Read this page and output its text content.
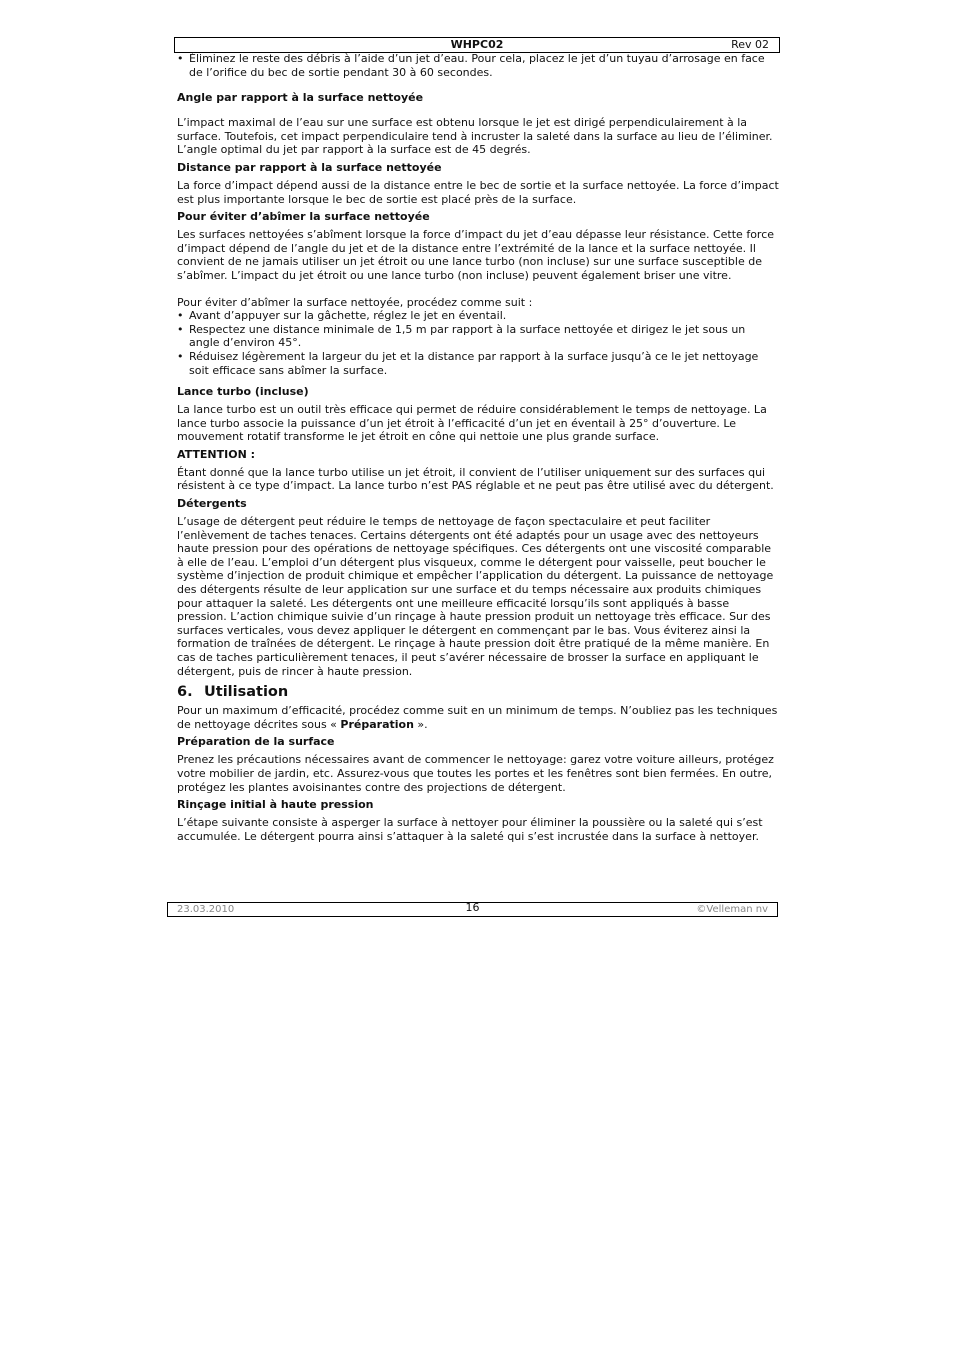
WHPC02	Rev 02
• Éliminez le reste des débris à l’aide d’un jet d’eau. Pour cela, placez le jet d’un tuyau d’arrosage en face de l’orifice du bec de sortie pendant 30 à 60 secondes.
Angle par rapport à la surface nettoyée

L’impact maximal de l’eau sur une surface est obtenu lorsque le jet est dirigé perpendiculairement à la surface. Toutefois, cet impact perpendiculaire tend à incruster la saleté dans la surface au lieu de l’éliminer. L’angle optimal du jet par rapport à la surface est de 45 degrés.

Distance par rapport à la surface nettoyée

La force d’impact dépend aussi de la distance entre le bec de sortie et la surface nettoyée. La force d’impact est plus importante lorsque le bec de sortie est placé près de la surface.

Pour éviter d’abîmer la surface nettoyée

Les surfaces nettoyées s’abîment lorsque la force d’impact du jet d’eau dépasse leur résistance. Cette force d’impact dépend de l’angle du jet et de la distance entre l’extrémité de la lance et la surface nettoyée. Il convient de ne jamais utiliser un jet étroit ou une lance turbo (non incluse) sur une surface susceptible de s’abîmer. L’impact du jet étroit ou une lance turbo (non incluse) peuvent également briser une vitre.

Pour éviter d’abîmer la surface nettoyée, procédez comme suit :

• Avant d’appuyer sur la gâchette, réglez le jet en éventail.
• Respectez une distance minimale de 1,5 m par rapport à la surface nettoyée et dirigez le jet sous un angle d’environ 45°.
• Réduisez légèrement la largeur du jet et la distance par rapport à la surface jusqu’à ce le jet nettoyage soit efficace sans abîmer la surface.
Lance turbo (incluse)

La lance turbo est un outil très efficace qui permet de réduire considérablement le temps de nettoyage. La lance turbo associe la puissance d’un jet étroit à l’efficacité d’un jet en éventail à 25° d’ouverture. Le mouvement rotatif transforme le jet étroit en cône qui nettoie une plus grande surface.

ATTENTION :

Étant donné que la lance turbo utilise un jet étroit, il convient de l’utiliser uniquement sur des surfaces qui résistent à ce type d’impact. La lance turbo n’est PAS réglable et ne peut pas être utilisé avec du détergent.

Détergents

L’usage de détergent peut réduire le temps de nettoyage de façon spectaculaire et peut faciliter l’enlèvement de taches tenaces. Certains détergents ont été adaptés pour un usage avec des nettoyeurs haute pression pour des opérations de nettoyage spécifiques. Ces détergents ont une viscosité comparable à elle de l’eau. L’emploi d’un détergent plus visqueux, comme le détergent pour vaisselle, peut boucher le système d’injection de produit chimique et empêcher l’application du détergent. La puissance de nettoyage des détergents résulte de leur application sur une surface et du temps nécessaire aux produits chimiques pour attaquer la saleté. Les détergents ont une meilleure efficacité lorsqu’ils sont appliqués à basse pression. L’action chimique suivie d’un rinçage à haute pression produit un nettoyage très efficace. Sur des surfaces verticales, vous devez appliquer le détergent en commençant par le bas. Vous éviterez ainsi la formation de traînées de détergent. Le rinçage à haute pression doit être pratiqué de la même manière. En cas de taches particulièrement tenaces, il peut s’avérer nécessaire de brosser la surface en appliquant le détergent, puis de rincer à haute pression.

6. Utilisation

Pour un maximum d’efficacité, procédez comme suit en un minimum de temps. N’oubliez pas les techniques de nettoyage décrites sous « Préparation ».

Préparation de la surface

Prenez les précautions nécessaires avant de commencer le nettoyage: garez votre voiture ailleurs, protégez votre mobilier de jardin, etc. Assurez-vous que toutes les portes et les fenêtres sont bien fermées. En outre, protégez les plantes avoisinantes contre des projections de détergent.

Rinçage initial à haute pression

L’étape suivante consiste à asperger la surface à nettoyer pour éliminer la poussière ou la saleté qui s’est accumulée. Le détergent pourra ainsi s’attaquer à la saleté qui s’est incrustée dans la surface à nettoyer.

23.03.2010	16	©Velleman nv
